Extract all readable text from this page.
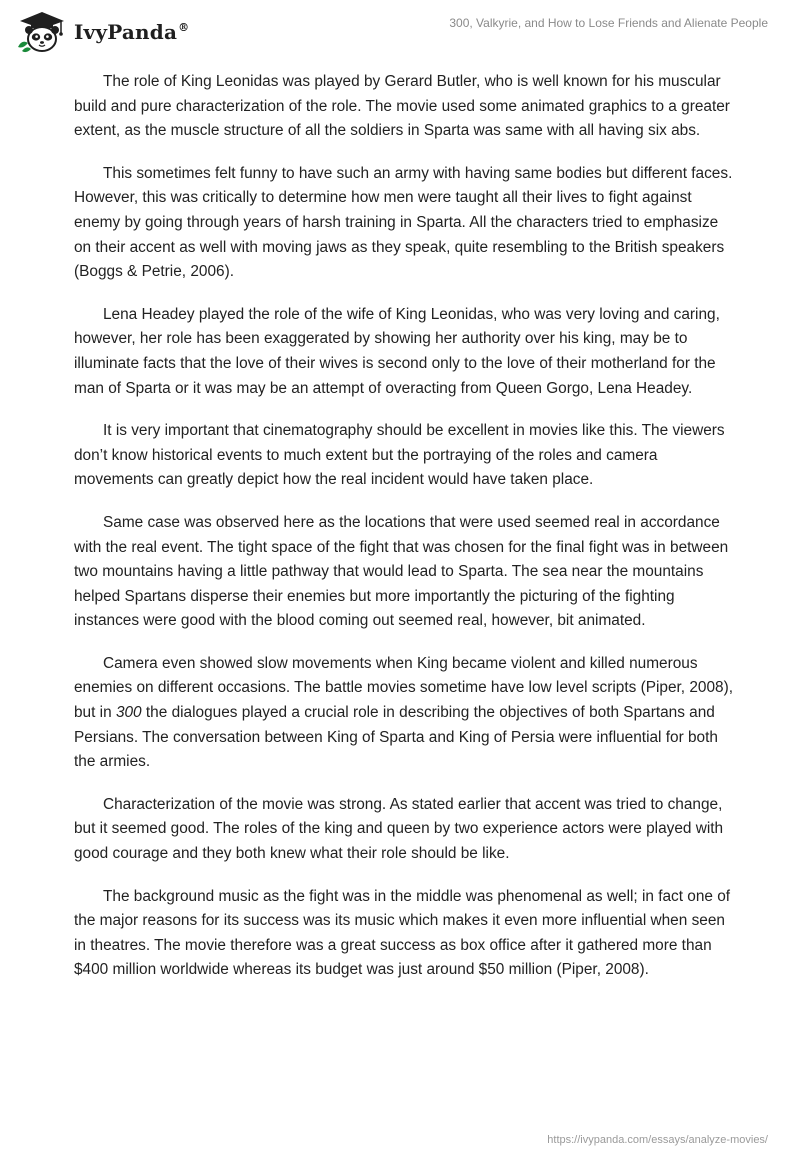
IvyPanda®	300, Valkyrie, and How to Lose Friends and Alienate People

The role of King Leonidas was played by Gerard Butler, who is well known for his muscular build and pure characterization of the role. The movie used some animated graphics to a greater extent, as the muscle structure of all the soldiers in Sparta was same with all having six abs.

This sometimes felt funny to have such an army with having same bodies but different faces. However, this was critically to determine how men were taught all their lives to fight against enemy by going through years of harsh training in Sparta. All the characters tried to emphasize on their accent as well with moving jaws as they speak, quite resembling to the British speakers (Boggs & Petrie, 2006).

Lena Headey played the role of the wife of King Leonidas, who was very loving and caring, however, her role has been exaggerated by showing her authority over his king, may be to illuminate facts that the love of their wives is second only to the love of their motherland for the man of Sparta or it was may be an attempt of overacting from Queen Gorgo, Lena Headey.

It is very important that cinematography should be excellent in movies like this. The viewers don’t know historical events to much extent but the portraying of the roles and camera movements can greatly depict how the real incident would have taken place.

Same case was observed here as the locations that were used seemed real in accordance with the real event. The tight space of the fight that was chosen for the final fight was in between two mountains having a little pathway that would lead to Sparta. The sea near the mountains helped Spartans disperse their enemies but more importantly the picturing of the fighting instances were good with the blood coming out seemed real, however, bit animated.

Camera even showed slow movements when King became violent and killed numerous enemies on different occasions. The battle movies sometime have low level scripts (Piper, 2008), but in 300 the dialogues played a crucial role in describing the objectives of both Spartans and Persians. The conversation between King of Sparta and King of Persia were influential for both the armies.

Characterization of the movie was strong. As stated earlier that accent was tried to change, but it seemed good. The roles of the king and queen by two experience actors were played with good courage and they both knew what their role should be like.

The background music as the fight was in the middle was phenomenal as well; in fact one of the major reasons for its success was its music which makes it even more influential when seen in theatres. The movie therefore was a great success as box office after it gathered more than $400 million worldwide whereas its budget was just around $50 million (Piper, 2008).

https://ivypanda.com/essays/analyze-movies/
